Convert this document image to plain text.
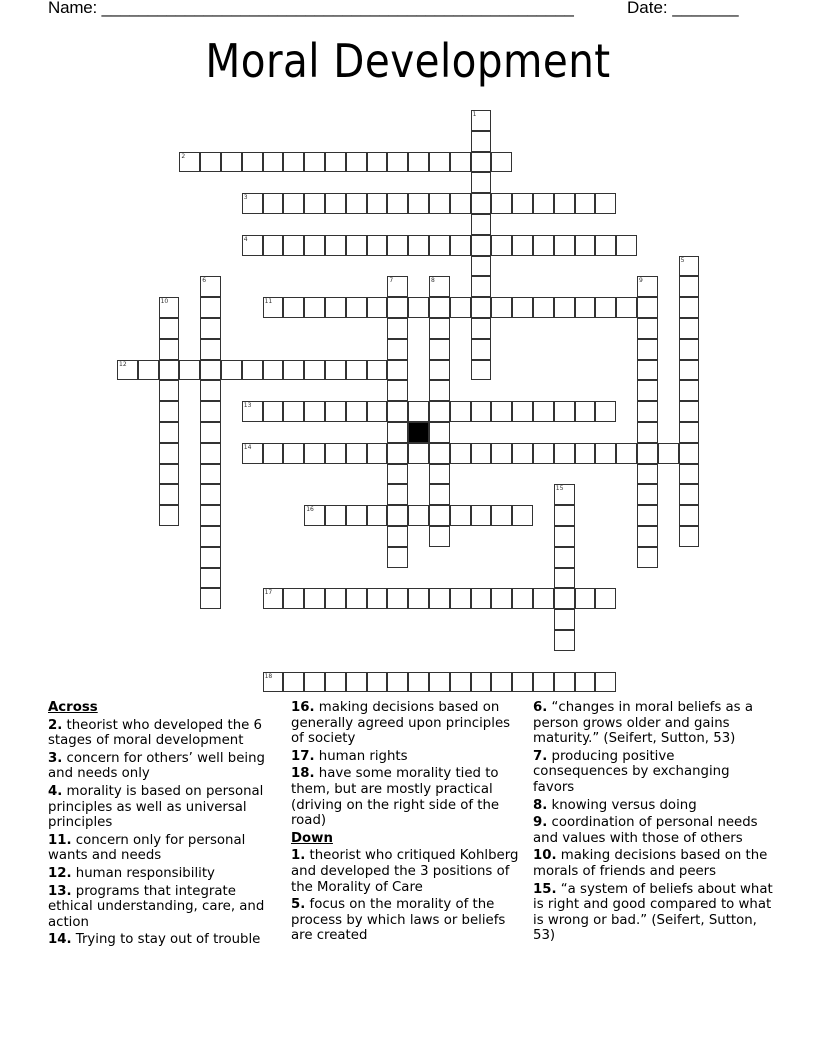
Name: ___________________________________________________	Date: _______
Moral Development
1
2
3
4
5
6	7	8	9
10	11
12
13
14
15
16
17
18
Across
2. theorist who developed the 6 stages of moral development
3. concern for others’ well being and needs only
4. morality is based on personal principles as well as universal principles
11. concern only for personal wants and needs
12. human responsibility
13. programs that integrate ethical understanding, care, and action
14. Trying to stay out of trouble
16. making decisions based on generally agreed upon principles of society
17. human rights
18. have some morality tied to them, but are mostly practical (driving on the right side of the road)
Down
1. theorist who critiqued Kohlberg and developed the 3 positions of the Morality of Care
5. focus on the morality of the process by which laws or beliefs are created
6. “changes in moral beliefs as a person grows older and gains maturity.” (Seifert, Sutton, 53)
7. producing positive consequences by exchanging favors
8. knowing versus doing
9. coordination of personal needs and values with those of others
10. making decisions based on the morals of friends and peers
15. “a system of beliefs about what is right and good compared to what is wrong or bad.” (Seifert, Sutton, 53)
